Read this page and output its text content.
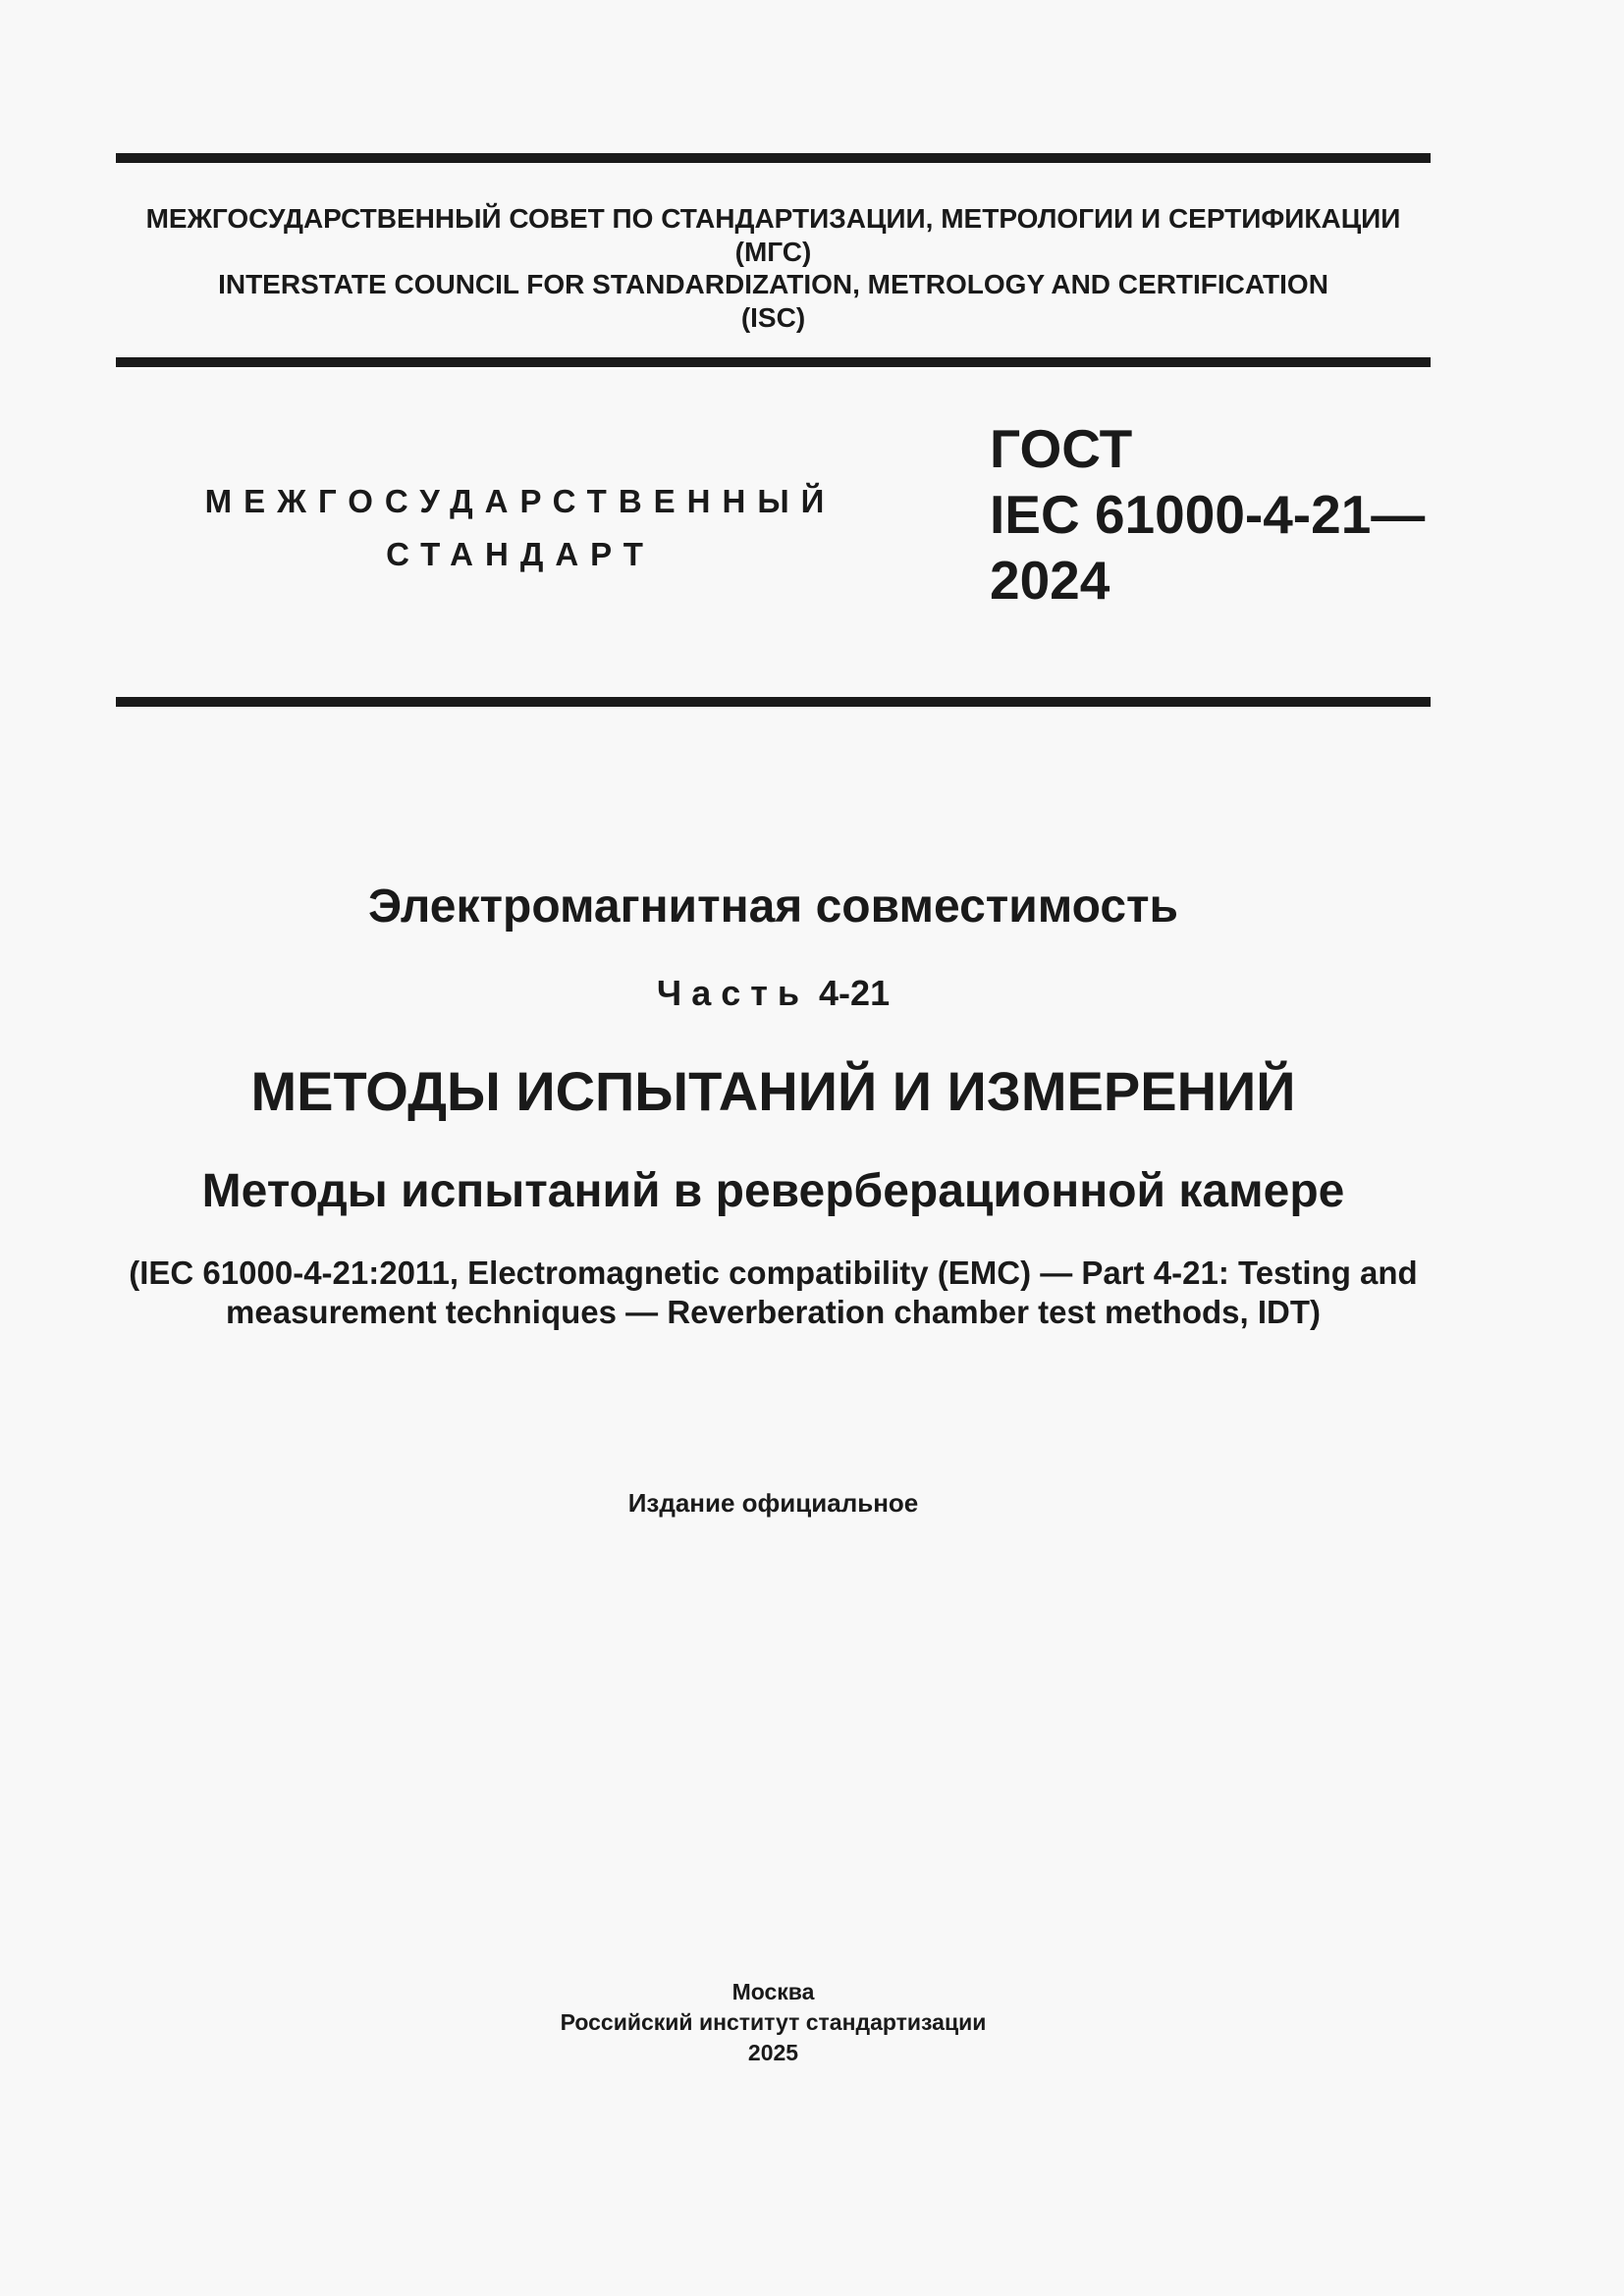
МЕЖГОСУДАРСТВЕННЫЙ СОВЕТ ПО СТАНДАРТИЗАЦИИ, МЕТРОЛОГИИ И СЕРТИФИКАЦИИ
(МГС)
INTERSTATE COUNCIL FOR STANDARDIZATION, METROLOGY AND CERTIFICATION
(ISC)
МЕЖГОСУДАРСТВЕННЫЙ
СТАНДАРТ
ГОСТ
IEC 61000-4-21—
2024
Электромагнитная совместимость
Часть 4-21
МЕТОДЫ ИСПЫТАНИЙ И ИЗМЕРЕНИЙ
Методы испытаний в реверберационной камере
(IEC 61000-4-21:2011, Electromagnetic compatibility (EMC) — Part 4-21: Testing and
measurement techniques — Reverberation chamber test methods, IDT)
Издание официальное
Москва
Российский институт стандартизации
2025
